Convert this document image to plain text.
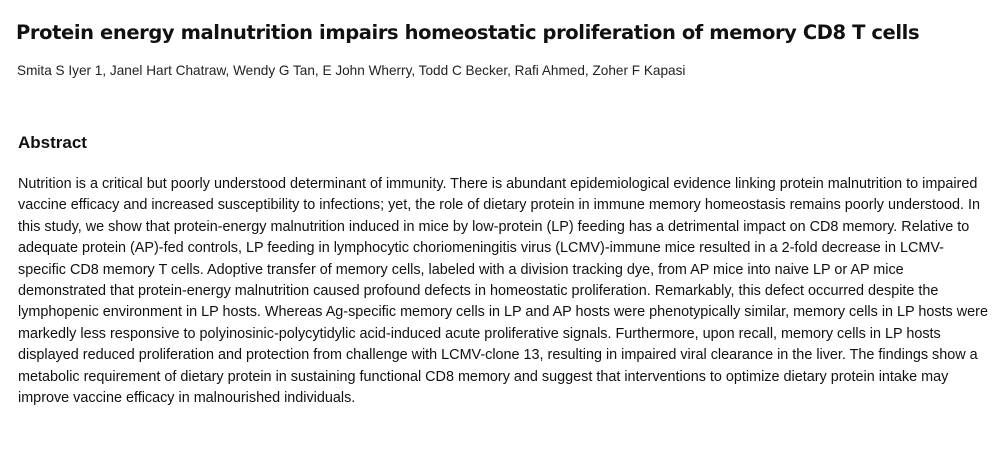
Protein energy malnutrition impairs homeostatic proliferation of memory CD8 T cells

Smita S Iyer 1, Janel Hart Chatraw, Wendy G Tan, E John Wherry, Todd C Becker, Rafi Ahmed, Zoher F Kapasi

Abstract

Nutrition is a critical but poorly understood determinant of immunity. There is abundant epidemiological evidence linking protein malnutrition to impaired vaccine efficacy and increased susceptibility to infections; yet, the role of dietary protein in immune memory homeostasis remains poorly understood. In this study, we show that protein-energy malnutrition induced in mice by low-protein (LP) feeding has a detrimental impact on CD8 memory. Relative to adequate protein (AP)-fed controls, LP feeding in lymphocytic choriomeningitis virus (LCMV)-immune mice resulted in a 2-fold decrease in LCMV-specific CD8 memory T cells. Adoptive transfer of memory cells, labeled with a division tracking dye, from AP mice into naive LP or AP mice demonstrated that protein-energy malnutrition caused profound defects in homeostatic proliferation. Remarkably, this defect occurred despite the lymphopenic environment in LP hosts. Whereas Ag-specific memory cells in LP and AP hosts were phenotypically similar, memory cells in LP hosts were markedly less responsive to polyinosinic-polycytidylic acid-induced acute proliferative signals. Furthermore, upon recall, memory cells in LP hosts displayed reduced proliferation and protection from challenge with LCMV-clone 13, resulting in impaired viral clearance in the liver. The findings show a metabolic requirement of dietary protein in sustaining functional CD8 memory and suggest that interventions to optimize dietary protein intake may improve vaccine efficacy in malnourished individuals.
